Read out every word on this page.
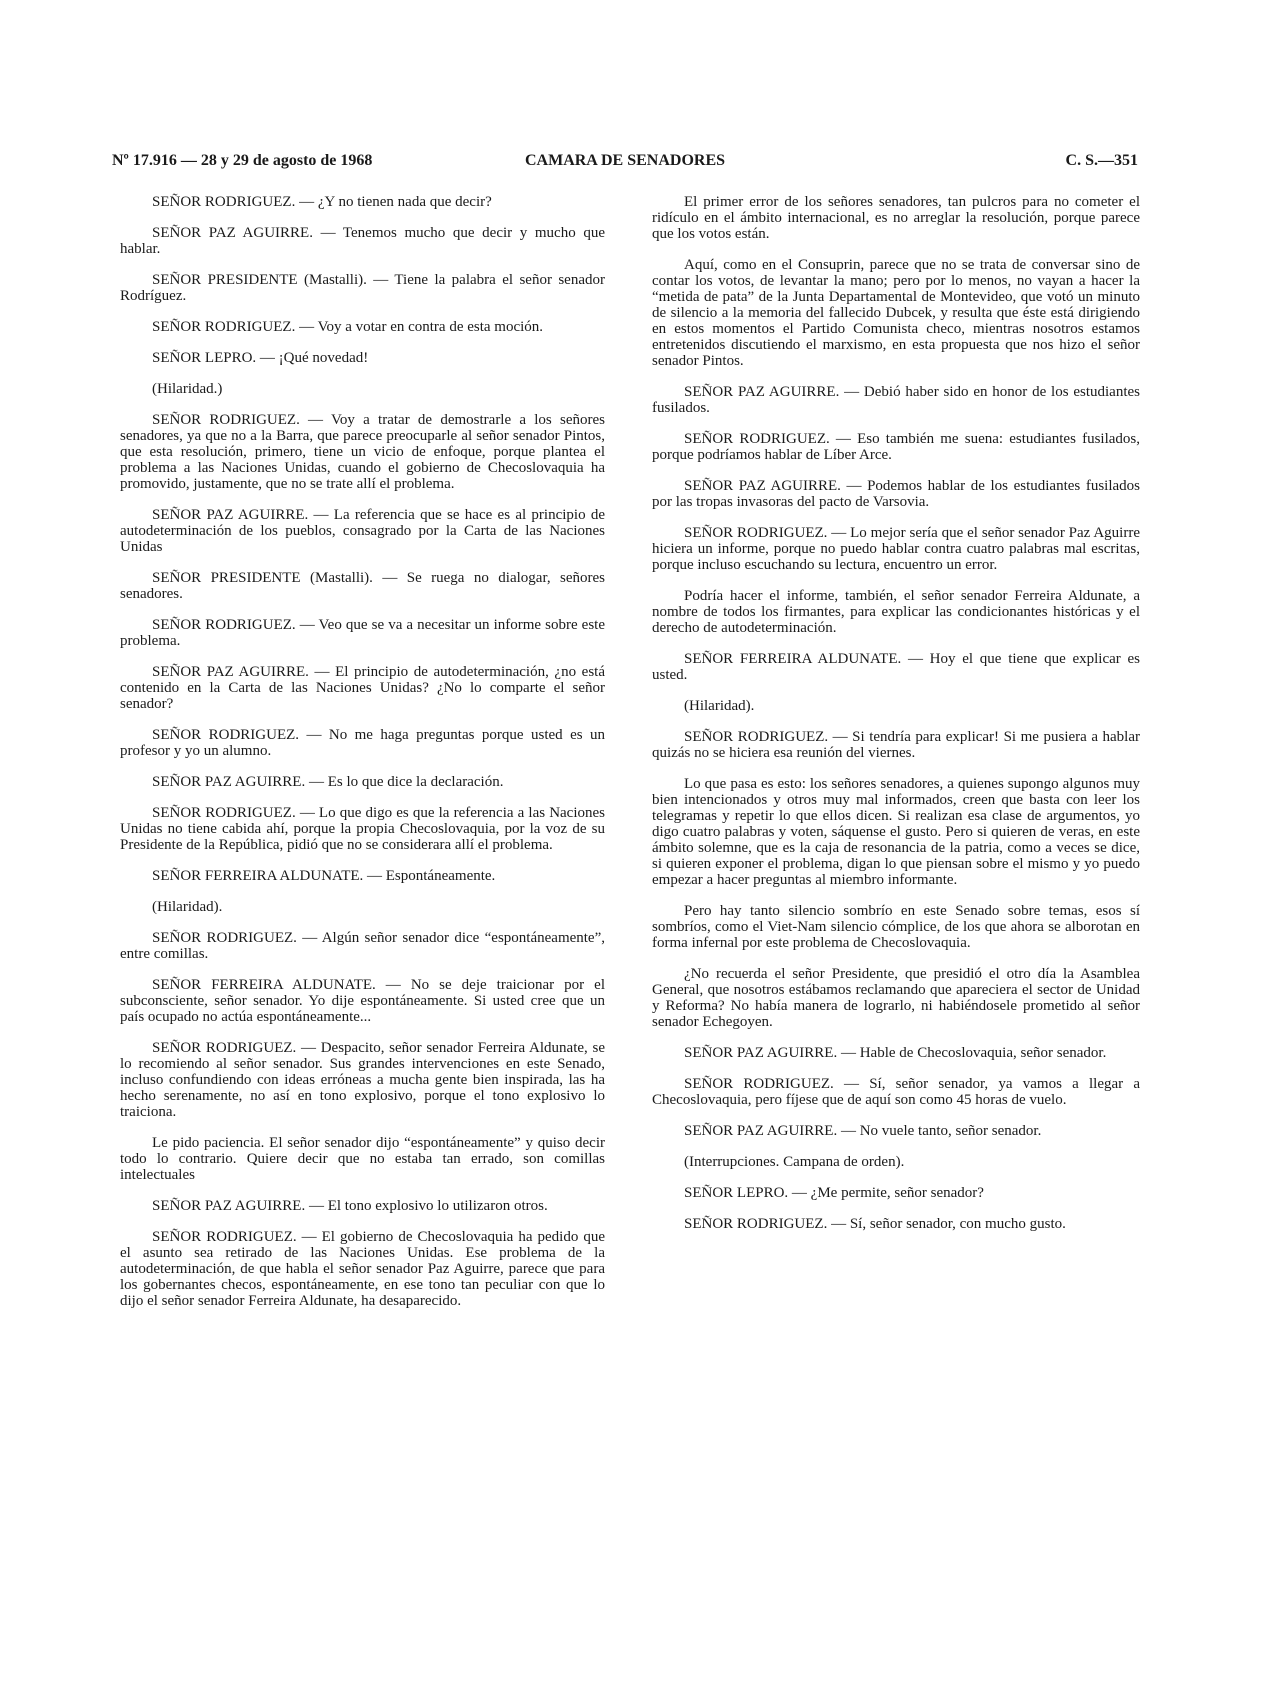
Nº 17.916 — 28 y 29 de agosto de 1968	CAMARA DE SENADORES	C. S.—351

SEÑOR RODRIGUEZ. — ¿Y no tienen nada que decir?

SEÑOR PAZ AGUIRRE. — Tenemos mucho que decir y mucho que hablar.

SEÑOR PRESIDENTE (Mastalli). — Tiene la palabra el señor senador Rodríguez.

SEÑOR RODRIGUEZ. — Voy a votar en contra de esta moción.

SEÑOR LEPRO. — ¡Qué novedad!

(Hilaridad.)

SEÑOR RODRIGUEZ. — Voy a tratar de demostrarle a los señores senadores, ya que no a la Barra, que parece preocuparle al señor senador Pintos, que esta resolución, primero, tiene un vicio de enfoque, porque plantea el problema a las Naciones Unidas, cuando el gobierno de Checoslovaquia ha promovido, justamente, que no se trate allí el problema.

SEÑOR PAZ AGUIRRE. — La referencia que se hace es al principio de autodeterminación de los pueblos, consagrado por la Carta de las Naciones Unidas

SEÑOR PRESIDENTE (Mastalli). — Se ruega no dialogar, señores senadores.

SEÑOR RODRIGUEZ. — Veo que se va a necesitar un informe sobre este problema.

SEÑOR PAZ AGUIRRE. — El principio de autodeterminación, ¿no está contenido en la Carta de las Naciones Unidas? ¿No lo comparte el señor senador?

SEÑOR RODRIGUEZ. — No me haga preguntas porque usted es un profesor y yo un alumno.

SEÑOR PAZ AGUIRRE. — Es lo que dice la declaración.

SEÑOR RODRIGUEZ. — Lo que digo es que la referencia a las Naciones Unidas no tiene cabida ahí, porque la propia Checoslovaquia, por la voz de su Presidente de la República, pidió que no se considerara allí el problema.

SEÑOR FERREIRA ALDUNATE. — Espontáneamente.

(Hilaridad).

SEÑOR RODRIGUEZ. — Algún señor senador dice “espontáneamente”, entre comillas.

SEÑOR FERREIRA ALDUNATE. — No se deje traicionar por el subconsciente, señor senador. Yo dije espontáneamente. Si usted cree que un país ocupado no actúa espontáneamente...

SEÑOR RODRIGUEZ. — Despacito, señor senador Ferreira Aldunate, se lo recomiendo al señor senador. Sus grandes intervenciones en este Senado, incluso confundiendo con ideas erróneas a mucha gente bien inspirada, las ha hecho serenamente, no así en tono explosivo, porque el tono explosivo lo traiciona.

Le pido paciencia. El señor senador dijo “espontáneamente” y quiso decir todo lo contrario. Quiere decir que no estaba tan errado, son comillas intelectuales

SEÑOR PAZ AGUIRRE. — El tono explosivo lo utilizaron otros.

SEÑOR RODRIGUEZ. — El gobierno de Checoslovaquia ha pedido que el asunto sea retirado de las Naciones Unidas. Ese problema de la autodeterminación, de que habla el señor senador Paz Aguirre, parece que para los gobernantes checos, espontáneamente, en ese tono tan peculiar con que lo dijo el señor senador Ferreira Aldunate, ha desaparecido.

El primer error de los señores senadores, tan pulcros para no cometer el ridículo en el ámbito internacional, es no arreglar la resolución, porque parece que los votos están.

Aquí, como en el Consuprin, parece que no se trata de conversar sino de contar los votos, de levantar la mano; pero por lo menos, no vayan a hacer la “metida de pata” de la Junta Departamental de Montevideo, que votó un minuto de silencio a la memoria del fallecido Dubcek, y resulta que éste está dirigiendo en estos momentos el Partido Comunista checo, mientras nosotros estamos entretenidos discutiendo el marxismo, en esta propuesta que nos hizo el señor senador Pintos.

SEÑOR PAZ AGUIRRE. — Debió haber sido en honor de los estudiantes fusilados.

SEÑOR RODRIGUEZ. — Eso también me suena: estudiantes fusilados, porque podríamos hablar de Líber Arce.

SEÑOR PAZ AGUIRRE. — Podemos hablar de los estudiantes fusilados por las tropas invasoras del pacto de Varsovia.

SEÑOR RODRIGUEZ. — Lo mejor sería que el señor senador Paz Aguirre hiciera un informe, porque no puedo hablar contra cuatro palabras mal escritas, porque incluso escuchando su lectura, encuentro un error.

Podría hacer el informe, también, el señor senador Ferreira Aldunate, a nombre de todos los firmantes, para explicar las condicionantes históricas y el derecho de autodeterminación.

SEÑOR FERREIRA ALDUNATE. — Hoy el que tiene que explicar es usted.

(Hilaridad).

SEÑOR RODRIGUEZ. — Si tendría para explicar! Si me pusiera a hablar quizás no se hiciera esa reunión del viernes.

Lo que pasa es esto: los señores senadores, a quienes supongo algunos muy bien intencionados y otros muy mal informados, creen que basta con leer los telegramas y repetir lo que ellos dicen. Si realizan esa clase de argumentos, yo digo cuatro palabras y voten, sáquense el gusto. Pero si quieren de veras, en este ámbito solemne, que es la caja de resonancia de la patria, como a veces se dice, si quieren exponer el problema, digan lo que piensan sobre el mismo y yo puedo empezar a hacer preguntas al miembro informante.

Pero hay tanto silencio sombrío en este Senado sobre temas, esos sí sombríos, como el Viet-Nam silencio cómplice, de los que ahora se alborotan en forma infernal por este problema de Checoslovaquia.

¿No recuerda el señor Presidente, que presidió el otro día la Asamblea General, que nosotros estábamos reclamando que apareciera el sector de Unidad y Reforma? No había manera de lograrlo, ni habiéndosele prometido al señor senador Echegoyen.

SEÑOR PAZ AGUIRRE. — Hable de Checoslovaquia, señor senador.

SEÑOR RODRIGUEZ. — Sí, señor senador, ya vamos a llegar a Checoslovaquia, pero fíjese que de aquí son como 45 horas de vuelo.

SEÑOR PAZ AGUIRRE. — No vuele tanto, señor senador.

(Interrupciones. Campana de orden).

SEÑOR LEPRO. — ¿Me permite, señor senador?

SEÑOR RODRIGUEZ. — Sí, señor senador, con mucho gusto.
